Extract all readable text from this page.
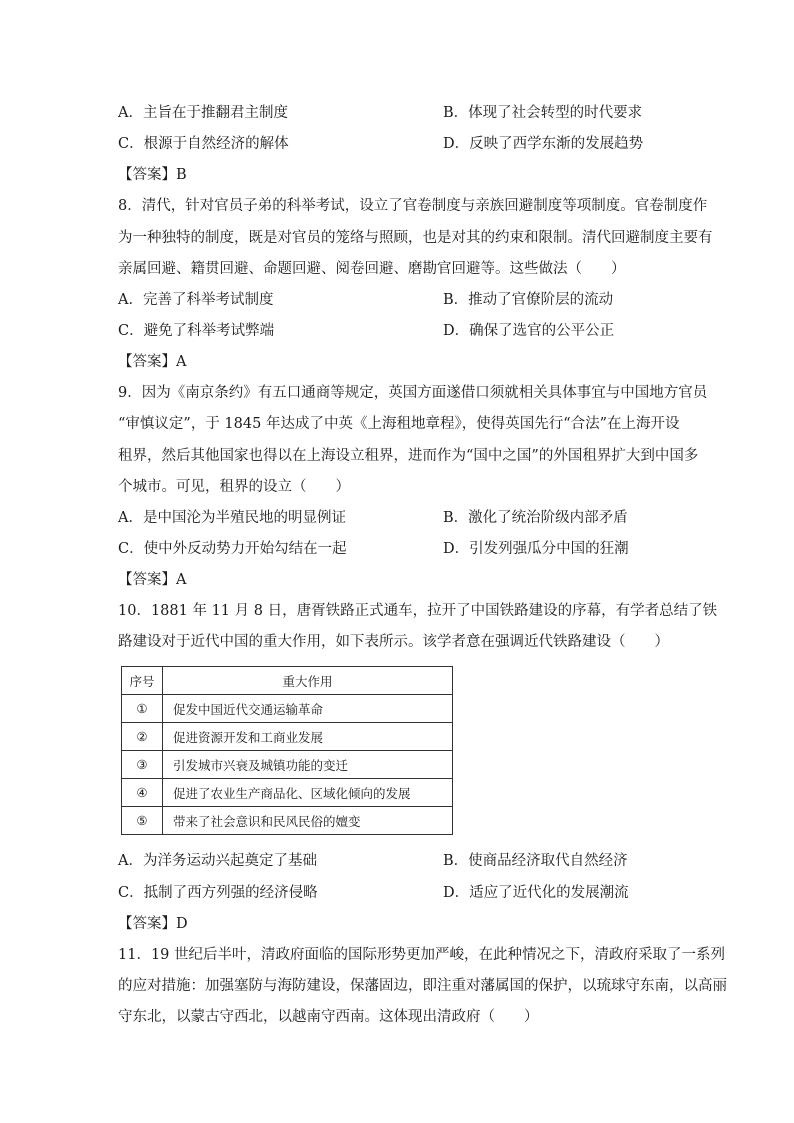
A．主旨在于推翻君主制度	B．体现了社会转型的时代要求
C．根源于自然经济的解体	D．反映了西学东渐的发展趋势
【答案】B
8．清代，针对官员子弟的科举考试，设立了官卷制度与亲族回避制度等项制度。官卷制度作
为一种独特的制度，既是对官员的笼络与照顾，也是对其的约束和限制。清代回避制度主要有
亲属回避、籍贯回避、命题回避、阅卷回避、磨勘官回避等。这些做法（　　）
A．完善了科举考试制度	B．推动了官僚阶层的流动
C．避免了科举考试弊端	D．确保了选官的公平公正
【答案】A
9．因为《南京条约》有五口通商等规定，英国方面遂借口须就相关具体事宜与中国地方官员
“审慎议定”，于 1845 年达成了中英《上海租地章程》，使得英国先行“合法”在上海开设
租界，然后其他国家也得以在上海设立租界，进而作为“国中之国”的外国租界扩大到中国多
个城市。可见，租界的设立（　　）
A．是中国沦为半殖民地的明显例证	B．激化了统治阶级内部矛盾
C．使中外反动势力开始勾结在一起	D．引发列强瓜分中国的狂潮
【答案】A
10．1881 年 11 月 8 日，唐胥铁路正式通车，拉开了中国铁路建设的序幕，有学者总结了铁
路建设对于近代中国的重大作用，如下表所示。该学者意在强调近代铁路建设（　　）
序号	重大作用
①	促发中国近代交通运输革命
②	促进资源开发和工商业发展
③	引发城市兴衰及城镇功能的变迁
④	促进了农业生产商品化、区域化倾向的发展
⑤	带来了社会意识和民风民俗的嬗变
A．为洋务运动兴起奠定了基础	B．使商品经济取代自然经济
C．抵制了西方列强的经济侵略	D．适应了近代化的发展潮流
【答案】D
11．19 世纪后半叶，清政府面临的国际形势更加严峻，在此种情况之下，清政府采取了一系列
的应对措施：加强塞防与海防建设，保藩固边，即注重对藩属国的保护，以琉球守东南，以高丽
守东北，以蒙古守西北，以越南守西南。这体现出清政府（　　）
